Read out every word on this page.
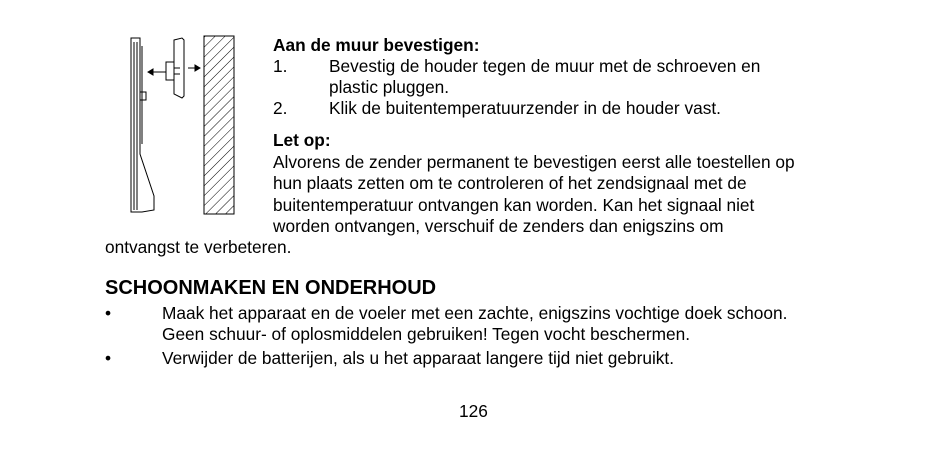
Aan de muur bevestigen:
1. Bevestig de houder tegen de muur met de schroeven en
plastic pluggen.
2. Klik de buitentemperatuurzender in de houder vast.
Let op:
Alvorens de zender permanent te bevestigen eerst alle toestellen op
hun plaats zetten om te controleren of het zendsignaal met de
buitentemperatuur ontvangen kan worden. Kan het signaal niet
worden ontvangen, verschuif de zenders dan enigszins om
ontvangst te verbeteren.
SCHOONMAKEN EN ONDERHOUD
•	Maak het apparaat en de voeler met een zachte, enigszins vochtige doek schoon.
Geen schuur- of oplosmiddelen gebruiken! Tegen vocht beschermen.
•	Verwijder de batterijen, als u het apparaat langere tijd niet gebruikt.
126
